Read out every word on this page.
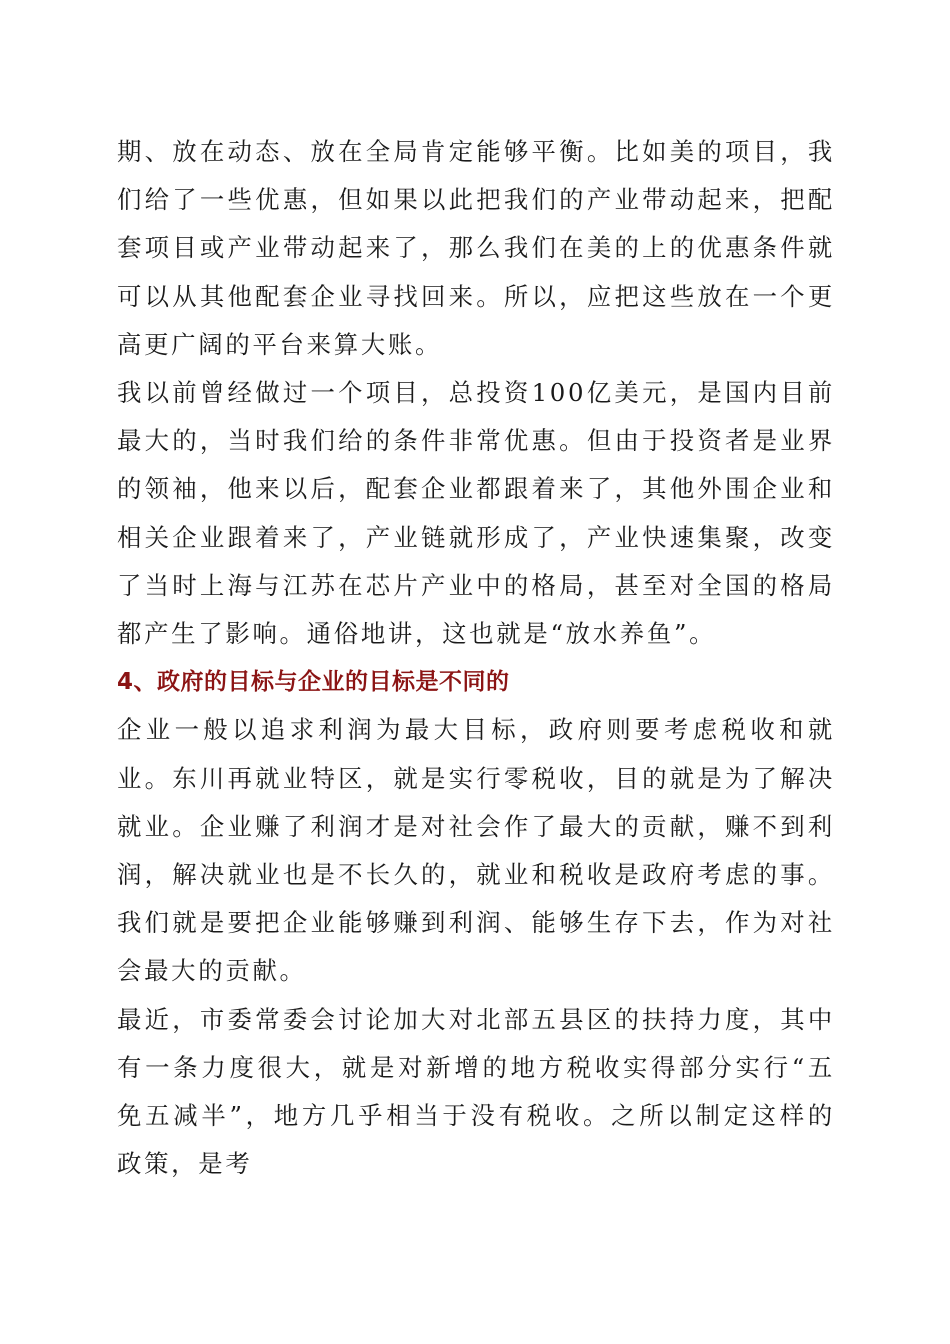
期、放在动态、放在全局肯定能够平衡。比如美的项目，我们给了一些优惠，但如果以此把我们的产业带动起来，把配套项目或产业带动起来了，那么我们在美的上的优惠条件就可以从其他配套企业寻找回来。所以，应把这些放在一个更高更广阔的平台来算大账。

我以前曾经做过一个项目，总投资100亿美元，是国内目前最大的，当时我们给的条件非常优惠。但由于投资者是业界的领袖，他来以后，配套企业都跟着来了，其他外围企业和相关企业跟着来了，产业链就形成了，产业快速集聚，改变了当时上海与江苏在芯片产业中的格局，甚至对全国的格局都产生了影响。通俗地讲，这也就是“放水养鱼”。

4、政府的目标与企业的目标是不同的

企业一般以追求利润为最大目标，政府则要考虑税收和就业。东川再就业特区，就是实行零税收，目的就是为了解决就业。企业赚了利润才是对社会作了最大的贡献，赚不到利润，解决就业也是不长久的，就业和税收是政府考虑的事。我们就是要把企业能够赚到利润、能够生存下去，作为对社会最大的贡献。

最近，市委常委会讨论加大对北部五县区的扶持力度，其中有一条力度很大，就是对新增的地方税收实得部分实行“五免五减半”，地方几乎相当于没有税收。之所以制定这样的政策，是考
